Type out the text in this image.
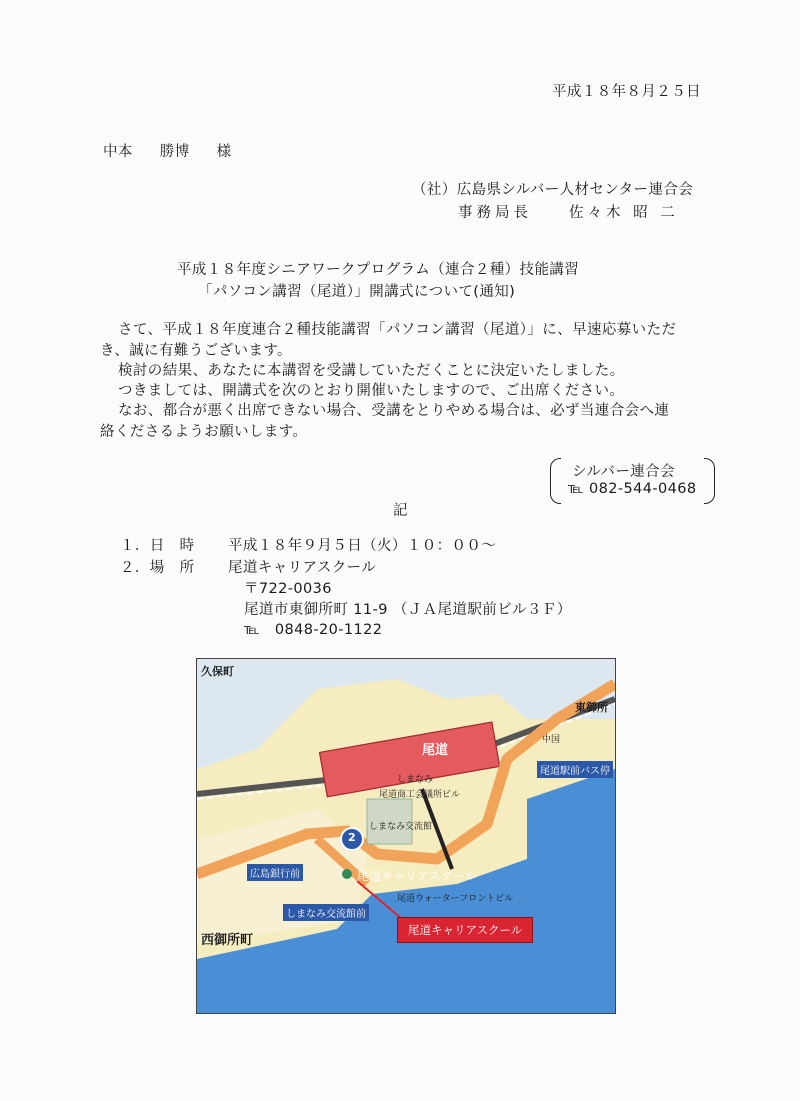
平成１８年８月２５日
中本 勝博 様
（社）広島県シルバー人材センター連合会
事務局長　　佐々木 昭 二
平成１８年度シニアワークプログラム（連合２種）技能講習
「パソコン講習（尾道）」開講式について(通知)
さて、平成１８年度連合２種技能講習「パソコン講習（尾道）」に、早速応募いただ
き、誠に有難うございます。
検討の結果、あなたに本講習を受講していただくことに決定いたしました。
つきましては、開講式を次のとおり開催いたしますので、ご出席ください。
なお、都合が悪く出席できない場合、受講をとりやめる場合は、必ず当連合会へ連
絡くださるようお願いします。
シルバー連合会
℡ 082-544-0468
記
１．日　時 平成１８年９月５日（火）１０：００～
２．場　所 尾道キャリアスクール
〒722-0036
尾道市東御所町 11-9 （ＪＡ尾道駅前ビル３Ｆ）
℡　0848-20-1122
久保町
東御所
尾道
しまなみ
尾道商工会議所ビル
しまなみ交流館
尾道キャリアスクール
尾道ウォーターフロントビル
西御所町
尾道駅前バス停
広島銀行前
しまなみ交流館前
中国
2
尾道キャリアスクール
